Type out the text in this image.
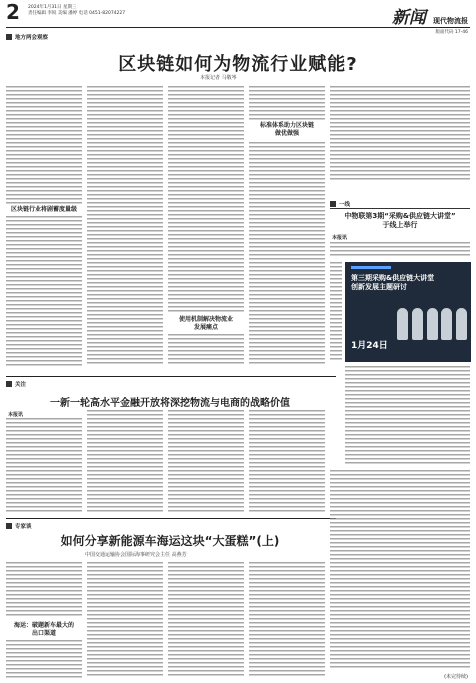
2 2024年1月31日 星期三
责任编辑 李锐 美编 潘婷 电话 0451-82074227	新闻 现代物流报
版面代码 17-46
地方两会观察
区块链如何为物流行业赋能?
本报记者 马敬岑
区块链行业将剧蓄度量级
使用机制解决物流业
发展痛点
标准体系助力区块链
做优做强
一线
中物联第3期“采购&供应链大讲堂”
于线上举行
本报讯
第三期采购&供应链大讲堂
创新发展主题研讨
1月24日
关注
一新一轮高水平金融开放将深挖物流与电商的战略价值
本报讯
专家谈
如何分享新能源车海运这块“大蛋糕”(上)
中国交通运输协会国际海事研究会主任 高燕芳
海运：破题新车最大的
出口渠道
(未完待续)
